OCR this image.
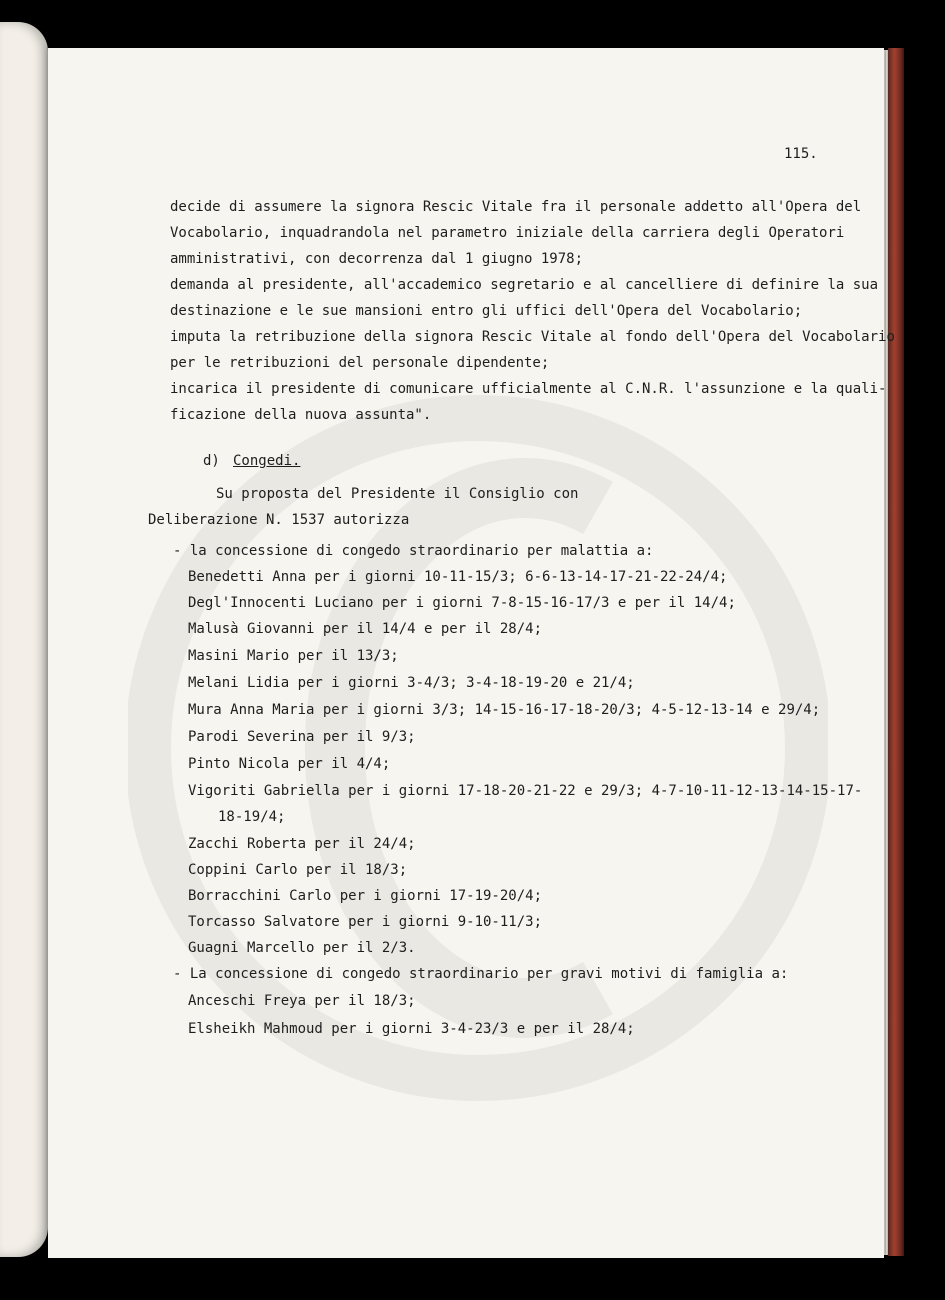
115.
decide di assumere la signora Rescic Vitale fra il personale addetto all'Opera del
Vocabolario, inquadrandola nel parametro iniziale della carriera degli Operatori
amministrativi, con decorrenza dal 1 giugno 1978;
demanda al presidente, all'accademico segretario e al cancelliere di definire la sua
destinazione e le sue mansioni entro gli uffici dell'Opera del Vocabolario;
imputa la retribuzione della signora Rescic Vitale al fondo dell'Opera del Vocabolario
per le retribuzioni del personale dipendente;
incarica il presidente di comunicare ufficialmente al C.N.R. l'assunzione e la quali-
ficazione della nuova assunta".
d) Congedi.
Su proposta del Presidente il Consiglio con
Deliberazione N. 1537 autorizza
- la concessione di congedo straordinario per malattia a:
Benedetti Anna per i giorni 10-11-15/3; 6-6-13-14-17-21-22-24/4;
Degl'Innocenti Luciano per i giorni 7-8-15-16-17/3 e per il 14/4;
Malusà Giovanni per il 14/4 e per il 28/4;
Masini Mario per il 13/3;
Melani Lidia per i giorni 3-4/3; 3-4-18-19-20 e 21/4;
Mura Anna Maria per i giorni 3/3; 14-15-16-17-18-20/3; 4-5-12-13-14 e 29/4;
Parodi Severina per il 9/3;
Pinto Nicola per il 4/4;
Vigoriti Gabriella per i giorni 17-18-20-21-22 e 29/3; 4-7-10-11-12-13-14-15-17-
18-19/4;
Zacchi Roberta per il 24/4;
Coppini Carlo per il 18/3;
Borracchini Carlo per i giorni 17-19-20/4;
Torcasso Salvatore per i giorni 9-10-11/3;
Guagni Marcello per il 2/3.
- La concessione di congedo straordinario per gravi motivi di famiglia a:
Anceschi Freya per il 18/3;
Elsheikh Mahmoud per i giorni 3-4-23/3 e per il 28/4;
